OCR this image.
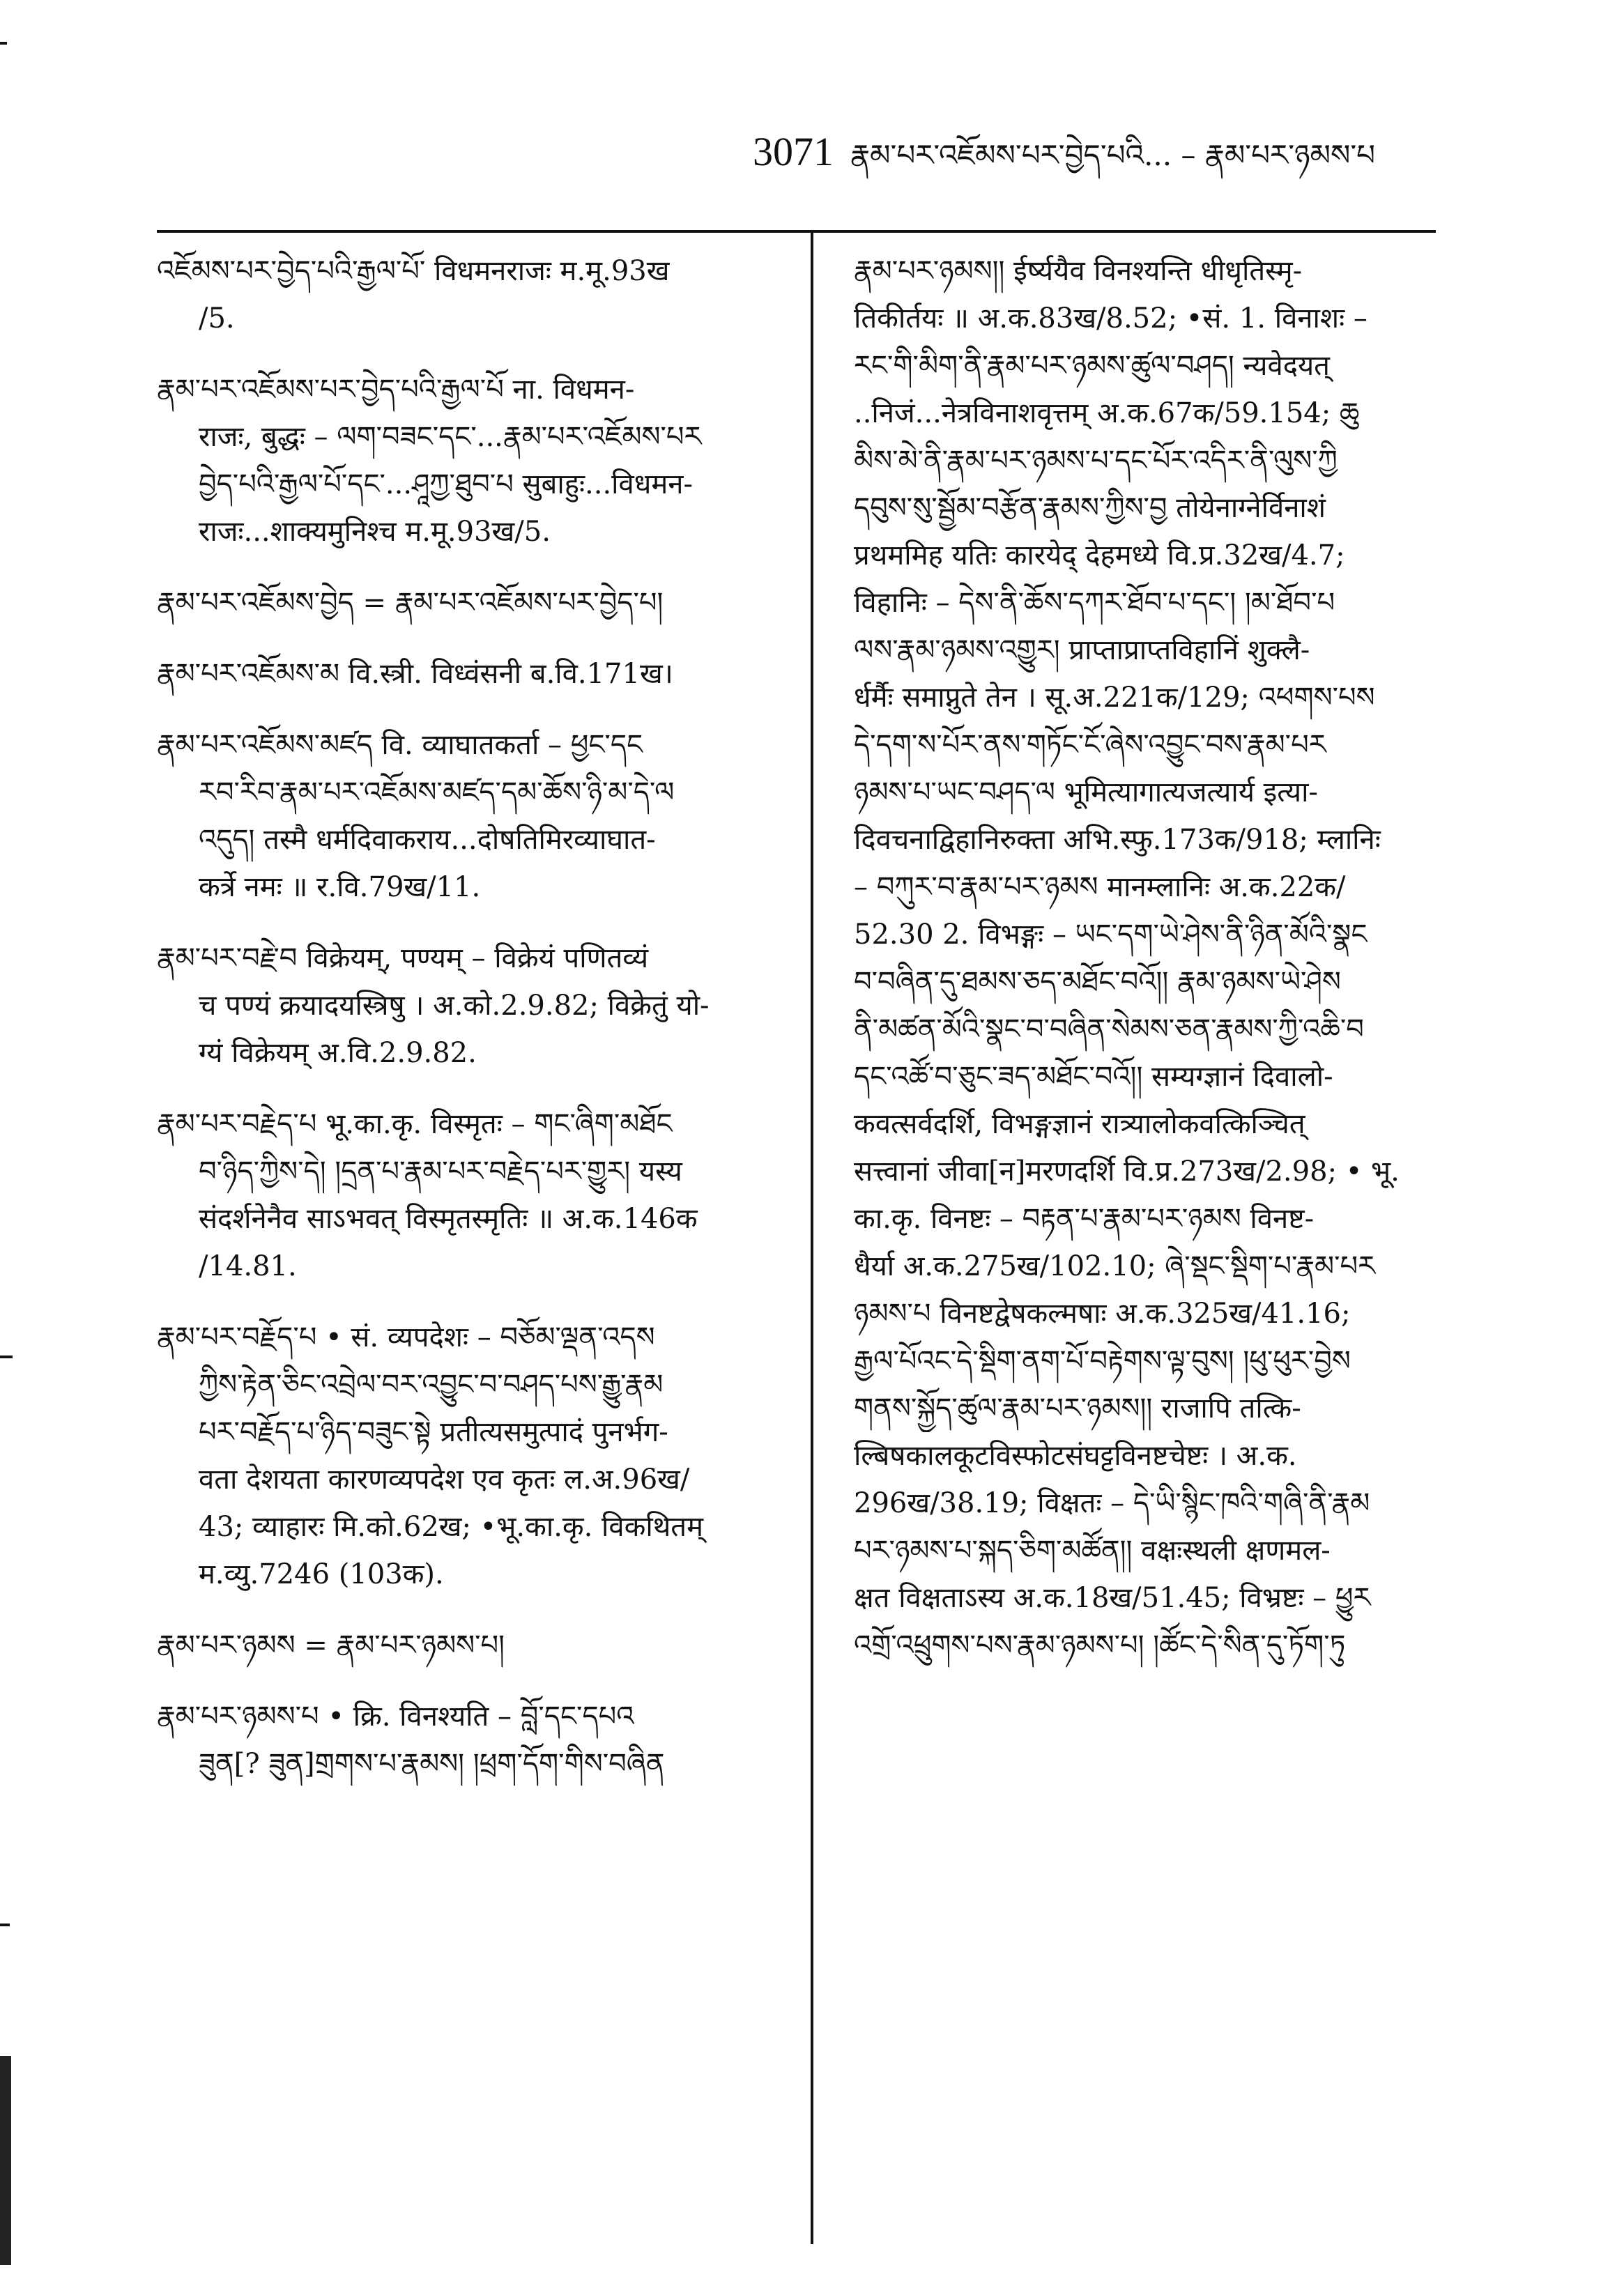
3071 རྣམ་པར་འཇོམས་པར་བྱེད་པའི... – རྣམ་པར་ཉམས་པ
འཇོམས་པར་བྱེད་པའི་རྒྱལ་པོ་ विधमनराजः म.मू.93ख
/5.
རྣམ་པར་འཇོམས་པར་བྱེད་པའི་རྒྱལ་པོ ना. विधमन-
राजः, बुद्धः – ལག་བཟང་དང་...རྣམ་པར་འཇོམས་པར
བྱེད་པའི་རྒྱལ་པོ་དང་...ཤཱཀྱ་ཐུབ་པ सुबाहुः...विधमन-
राजः...शाक्यमुनिश्च म.मू.93ख/5.
རྣམ་པར་འཇོམས་བྱེད = རྣམ་པར་འཇོམས་པར་བྱེད་པ།
རྣམ་པར་འཇོམས་མ वि.स्त्री. विध्वंसनी ब.वि.171ख।
རྣམ་པར་འཇོམས་མཛད वि. व्याघातकर्ता – ཕྱང་དང
རབ་རིབ་རྣམ་པར་འཇོམས་མཛད་དམ་ཆོས་ཉི་མ་དེ་ལ
འདུད། तस्मै धर्मदिवाकराय...दोषतिमिरव्याघात-
कर्त्रे नमः ॥ र.वि.79ख/11.
རྣམ་པར་བརྗེ་བ विक्रेयम्, पण्यम् – विक्रेयं पणितव्यं
च पण्यं क्रयादयस्त्रिषु । अ.को.2.9.82; विक्रेतुं यो-
ग्यं विक्रेयम् अ.वि.2.9.82.
རྣམ་པར་བརྗེད་པ भू.का.कृ. विस्मृतः – གང་ཞིག་མཐོང
བ་ཉིད་ཀྱིས་དེ། །དྲན་པ་རྣམ་པར་བརྗེད་པར་གྱུར། यस्य
संदर्शनेनैव साऽभवत् विस्मृतस्मृतिः ॥ अ.क.146क
/14.81.
རྣམ་པར་བརྗོད་པ • सं. व्यपदेशः – བཅོམ་ལྡན་འདས
ཀྱིས་རྟེན་ཅིང་འབྲེལ་བར་འབྱུང་བ་བཤད་པས་རྒྱུ་རྣམ
པར་བརྗོད་པ་ཉིད་བཟུང་སྟེ प्रतीत्यसमुत्पादं पुनर्भग-
वता देशयता कारणव्यपदेश एव कृतः ल.अ.96ख/
43; व्याहारः मि.को.62ख; •भू.का.कृ. विकथितम्
म.व्यु.7246 (103क).
རྣམ་པར་ཉམས = རྣམ་པར་ཉམས་པ།
རྣམ་པར་ཉམས་པ • क्रि. विनश्यति – བློ་དང་དཔའ
ཟུན[? ཟུན]གྲགས་པ་རྣམས། །ཕྲག་དོག་གིས་བཞིན
རྣམ་པར་ཉམས།། ईर्ष्ययैव विनश्यन्ति धीधृतिस्मृ-
तिकीर्तयः ॥ अ.क.83ख/8.52; •सं. 1. विनाशः –
རང་གི་མིག་ནི་རྣམ་པར་ཉམས་ཚུལ་བཤད། न्यवेदयत्
..निजं...नेत्रविनाशवृत्तम् अ.क.67क/59.154; ཆུ
མིས་མེ་ནི་རྣམ་པར་ཉམས་པ་དང་པོར་འདིར་ནི་ལུས་ཀྱི
དབུས་སུ་སྦྱོམ་བརྩོན་རྣམས་ཀྱིས་བྱ तोयेनाग्नेर्विनाशं
प्रथममिह यतिः कारयेद् देहमध्ये वि.प्र.32ख/4.7;
विहानिः – དེས་ནི་ཆོས་དཀར་ཐོབ་པ་དང་། །མ་ཐོབ་པ
ལས་རྣམ་ཉམས་འགྱུར། प्राप्ताप्राप्तविहानिं शुक्लै-
र्धर्मैः समाप्नुते तेन । सू.अ.221क/129; འཕགས་པས
དེ་དག་ས་པོར་ནས་གཏོང་ངོ་ཞེས་འབྱུང་བས་རྣམ་པར
ཉམས་པ་ཡང་བཤད་ལ भूमित्यागात्यजत्यार्य इत्या-
दिवचनाद्विहानिरुक्ता अभि.स्फु.173क/918; म्लानिः
– བཀུར་བ་རྣམ་པར་ཉམས मानम्लानिः अ.क.22क/
52.30 2. विभङ्गः – ཡང་དག་ཡེ་ཤེས་ནི་ཉིན་མོའི་སྣང
བ་བཞིན་དུ་ཐམས་ཅད་མཐོང་བའོ།། རྣམ་ཉམས་ཡེ་ཤེས
ནི་མཚན་མོའི་སྣང་བ་བཞིན་སེམས་ཅན་རྣམས་ཀྱི་འཆི་བ
དང་འཚོ་བ་ཅུང་ཟད་མཐོང་བའོ།། सम्यग्ज्ञानं दिवालो-
कवत्सर्वदर्शि, विभङ्गज्ञानं रात्र्यालोकवत्किञ्चित्
सत्त्वानां जीवा[न]मरणदर्शि वि.प्र.273ख/2.98; • भू.
का.कृ. विनष्टः – བརྟན་པ་རྣམ་པར་ཉམས विनष्ट-
धैर्या अ.क.275ख/102.10; ཞེ་སྡང་སྡིག་པ་རྣམ་པར
ཉམས་པ विनष्टद्वेषकल्मषाः अ.क.325ख/41.16;
རྒྱལ་པོའང་དེ་སྡིག་ནག་པོ་བརྟེགས་ལྟ་བུས། །ཕུ་ཕུར་བྱེས
གནས་སྐྱོད་ཚུལ་རྣམ་པར་ཉམས།། राजापि तत्कि-
ल्बिषकालकूटविस्फोटसंघट्टविनष्टचेष्टः । अ.क.
296ख/38.19; विक्षतः – དེ་ཡི་སྙིང་ཁའི་གཞི་ནི་རྣམ
པར་ཉམས་པ་སྐད་ཅིག་མཚོན།། वक्षःस्थली क्षणमल-
क्षत विक्षताऽस्य अ.क.18ख/51.45; विभ्रष्टः – ཕྱུར
འགྲོ་འཕྲུགས་པས་རྣམ་ཉམས་པ། །ཚོང་དེ་སིན་དུ་ཏོག་ཏུ
